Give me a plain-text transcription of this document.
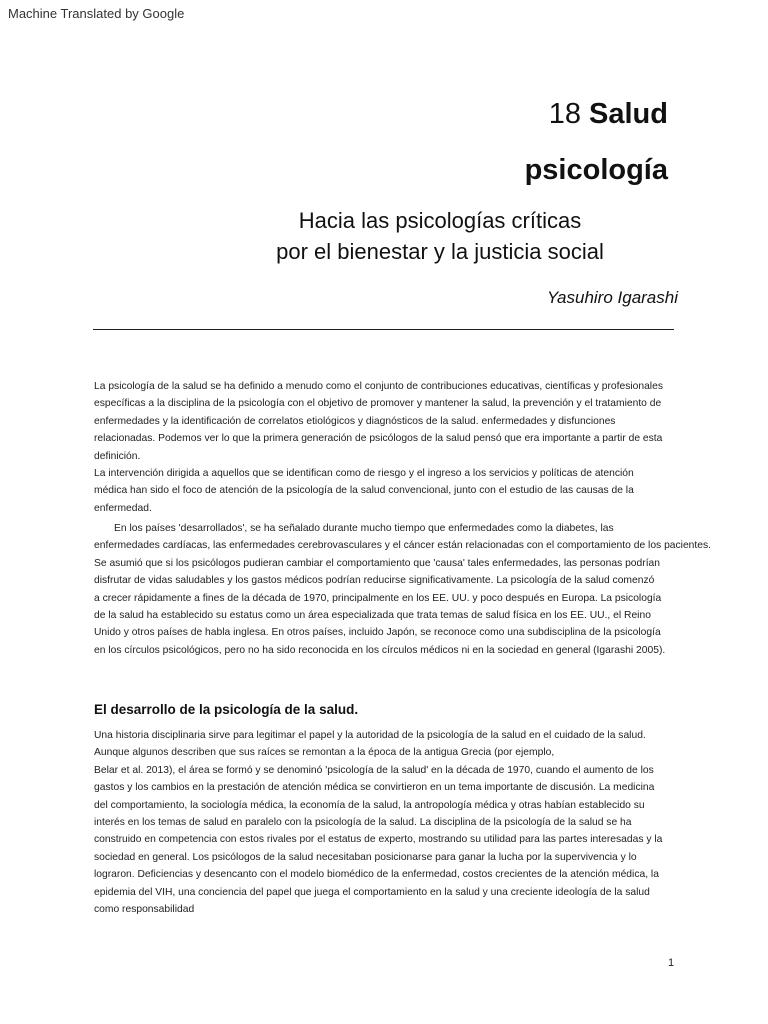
Machine Translated by Google
18 Salud
psicología
Hacia las psicologías críticas
por el bienestar y la justicia social
Yasuhiro Igarashi

La psicología de la salud se ha definido a menudo como el conjunto de contribuciones educativas, científicas y profesionales

específicas a la disciplina de la psicología con el objetivo de promover y mantener la salud, la prevención y el tratamiento de

enfermedades y la identificación de correlatos etiológicos y diagnósticos de la salud. enfermedades y disfunciones

relacionadas. Podemos ver lo que la primera generación de psicólogos de la salud pensó que era importante a partir de esta

definición.

La intervención dirigida a aquellos que se identifican como de riesgo y el ingreso a los servicios y políticas de atención

médica han sido el foco de atención de la psicología de la salud convencional, junto con el estudio de las causas de la

enfermedad.

En los países 'desarrollados', se ha señalado durante mucho tiempo que enfermedades como la diabetes, las

enfermedades cardíacas, las enfermedades cerebrovasculares y el cáncer están relacionadas con el comportamiento de los pacientes.

Se asumió que si los psicólogos pudieran cambiar el comportamiento que 'causa' tales enfermedades, las personas podrían

disfrutar de vidas saludables y los gastos médicos podrían reducirse significativamente. La psicología de la salud comenzó

a crecer rápidamente a fines de la década de 1970, principalmente en los EE. UU. y poco después en Europa. La psicología

de la salud ha establecido su estatus como un área especializada que trata temas de salud física en los EE. UU., el Reino

Unido y otros países de habla inglesa. En otros países, incluido Japón, se reconoce como una subdisciplina de la psicología

en los círculos psicológicos, pero no ha sido reconocida en los círculos médicos ni en la sociedad en general (Igarashi 2005).

El desarrollo de la psicología de la salud.

Una historia disciplinaria sirve para legitimar el papel y la autoridad de la psicología de la salud en el cuidado de la salud.

Aunque algunos describen que sus raíces se remontan a la época de la antigua Grecia (por ejemplo,

Belar et al. 2013), el área se formó y se denominó 'psicología de la salud' en la década de 1970, cuando el aumento de los

gastos y los cambios en la prestación de atención médica se convirtieron en un tema importante de discusión. La medicina

del comportamiento, la sociología médica, la economía de la salud, la antropología médica y otras habían establecido su

interés en los temas de salud en paralelo con la psicología de la salud. La disciplina de la psicología de la salud se ha

construido en competencia con estos rivales por el estatus de experto, mostrando su utilidad para las partes interesadas y la

sociedad en general. Los psicólogos de la salud necesitaban posicionarse para ganar la lucha por la supervivencia y lo

lograron. Deficiencias y desencanto con el modelo biomédico de la enfermedad, costos crecientes de la atención médica, la

epidemia del VIH, una conciencia del papel que juega el comportamiento en la salud y una creciente ideología de la salud

como responsabilidad

1
